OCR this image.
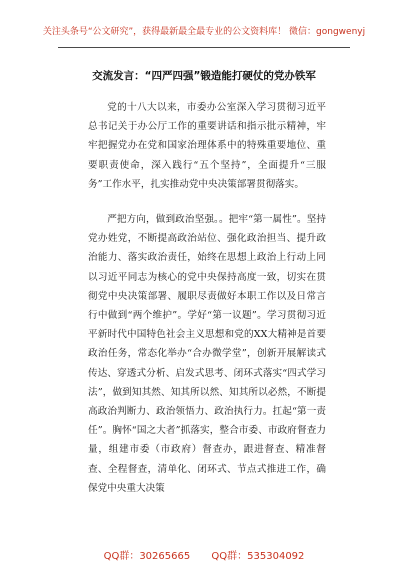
关注头条号“公文研究”，获得最新最全最专业的公文资料库！ 微信：gongwenyj
交流发言：“四严四强”锻造能打硬仗的党办铁军

党的十八大以来，市委办公室深入学习贯彻习近平总书记关于办公厅工作的重要讲话和指示批示精神，牢牢把握党办在党和国家治理体系中的特殊重要地位、重要职责使命，深入践行“五个坚持”，全面提升“三服务”工作水平，扎实推动党中央决策部署贯彻落实。

严把方向，做到政治坚强。。把牢“第一属性”。坚持党办姓党，不断提高政治站位、强化政治担当、提升政治能力、落实政治责任，始终在思想上政治上行动上同以习近平同志为核心的党中央保持高度一致，切实在贯彻党中央决策部署、履职尽责做好本职工作以及日常言行中做到“两个维护”。学好“第一议题”。学习贯彻习近平新时代中国特色社会主义思想和党的XX大精神是首要政治任务，常态化举办“合办微学堂”，创新开展解读式传达、穿透式分析、启发式思考、闭环式落实“四式学习法”，做到知其然、知其所以然、知其所以必然，不断提高政治判断力、政治领悟力、政治执行力。扛起“第一责任”。胸怀“国之大者”抓落实，整合市委、市政府督查力量，组建市委（市政府）督查办，跟进督查、精准督查、全程督查，清单化、闭环式、节点式推进工作，确保党中央重大决策

QQ群：30265665 QQ群：535304092
